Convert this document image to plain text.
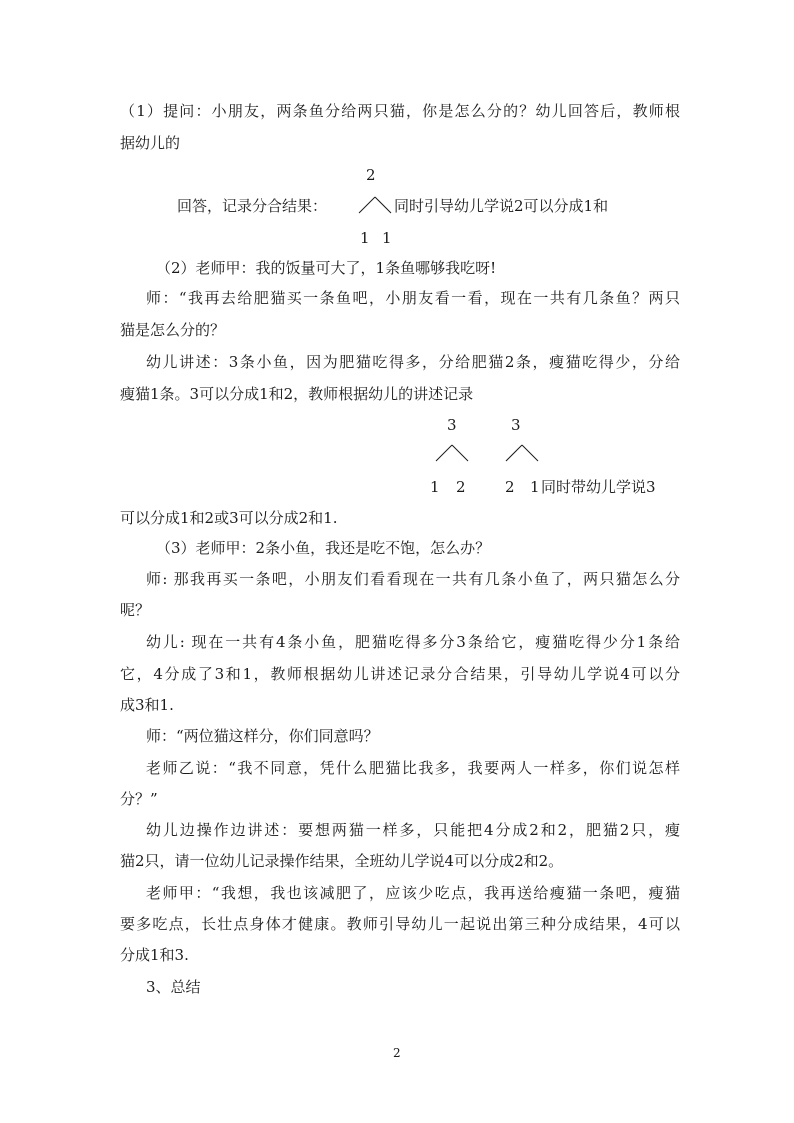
（1）提问：小朋友，两条鱼分给两只猫，你是怎么分的？幼儿回答后，教师根
据幼儿的
2
回答，记录分合结果：	同时引导幼儿学说2可以分成1和
1 1
（2）老师甲：我的饭量可大了，1条鱼哪够我吃呀!
师：“我再去给肥猫买一条鱼吧，小朋友看一看，现在一共有几条鱼？两只
猫是怎么分的？
幼儿讲述：3条小鱼，因为肥猫吃得多，分给肥猫2条，瘦猫吃得少，分给
瘦猫1条。3可以分成1和2，教师根据幼儿的讲述记录
3
1 2
3
2 1 同时带幼儿学说3
可以分成1和2或3可以分成2和1.
（3）老师甲：2条小鱼，我还是吃不饱，怎么办？
师: 那我再买一条吧，小朋友们看看现在一共有几条小鱼了，两只猫怎么分
呢？
幼儿: 现在一共有4条小鱼，肥猫吃得多分3条给它，瘦猫吃得少分1条给
它，4分成了3和1，教师根据幼儿讲述记录分合结果，引导幼儿学说4可以分
成3和1.
师：“两位猫这样分，你们同意吗？
老师乙说：“我不同意，凭什么肥猫比我多，我要两人一样多，你们说怎样
分？”
幼儿边操作边讲述：要想两猫一样多，只能把4分成2和2，肥猫2只，瘦
猫2只，请一位幼儿记录操作结果，全班幼儿学说4可以分成2和2。
老师甲：“我想，我也该减肥了，应该少吃点，我再送给瘦猫一条吧，瘦猫
要多吃点，长壮点身体才健康。教师引导幼儿一起说出第三种分成结果，4可以
分成1和3.
3、总结
2
